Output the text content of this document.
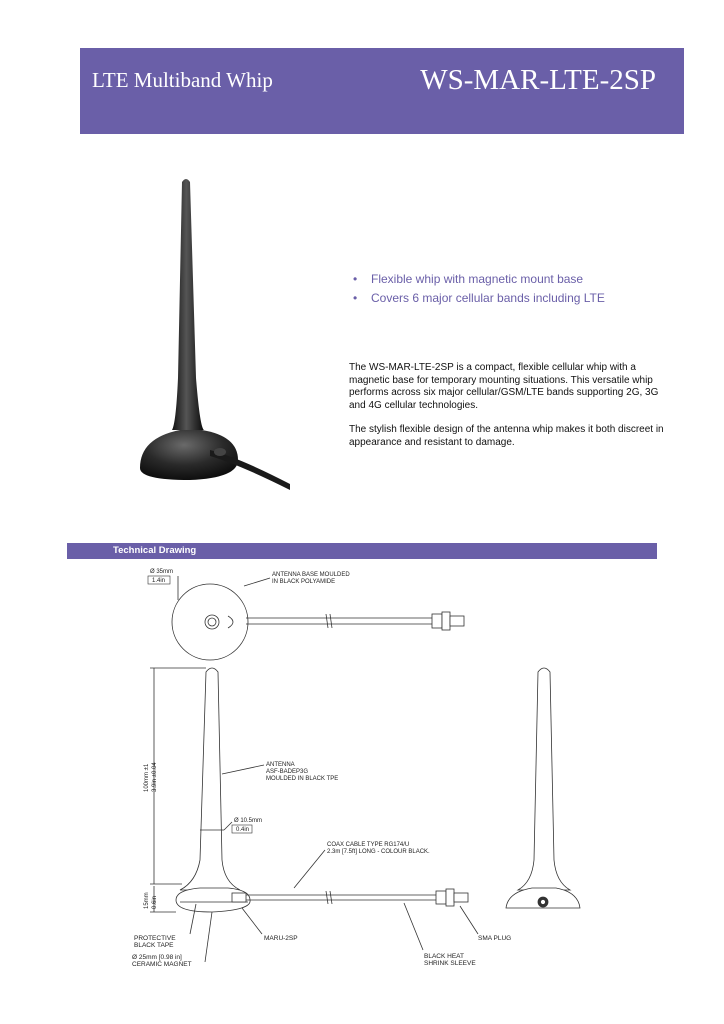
LTE Multiband Whip	WS-MAR-LTE-2SP
• Flexible whip with magnetic mount base
• Covers 6 major cellular bands including LTE

The WS-MAR-LTE-2SP is a compact, flexible cellular whip with a magnetic base for temporary mounting situations. This versatile whip performs across six major cellular/GSM/LTE bands supporting 2G, 3G and 4G cellular technologies.

The stylish flexible design of the antenna whip makes it both discreet in appearance and resistant to damage.

Technical Drawing
Ø 35mm
1.4in
ANTENNA BASE MOULDED
IN BLACK POLYAMIDE
ANTENNA
ASF-BADEP3G
MOULDED IN BLACK TPE
100mm ±1 3.9in ±0.04
Ø 10.5mm
0.4in
COAX CABLE TYPE RG174/U
2.3m [7.5ft] LONG - COLOUR BLACK.
15mm 0.6in
PROTECTIVE
BLACK TAPE
MARU-2SP	SMA PLUG
Ø 25mm [0.98 in]
CERAMIC MAGNET
BLACK HEAT
SHRINK SLEEVE
